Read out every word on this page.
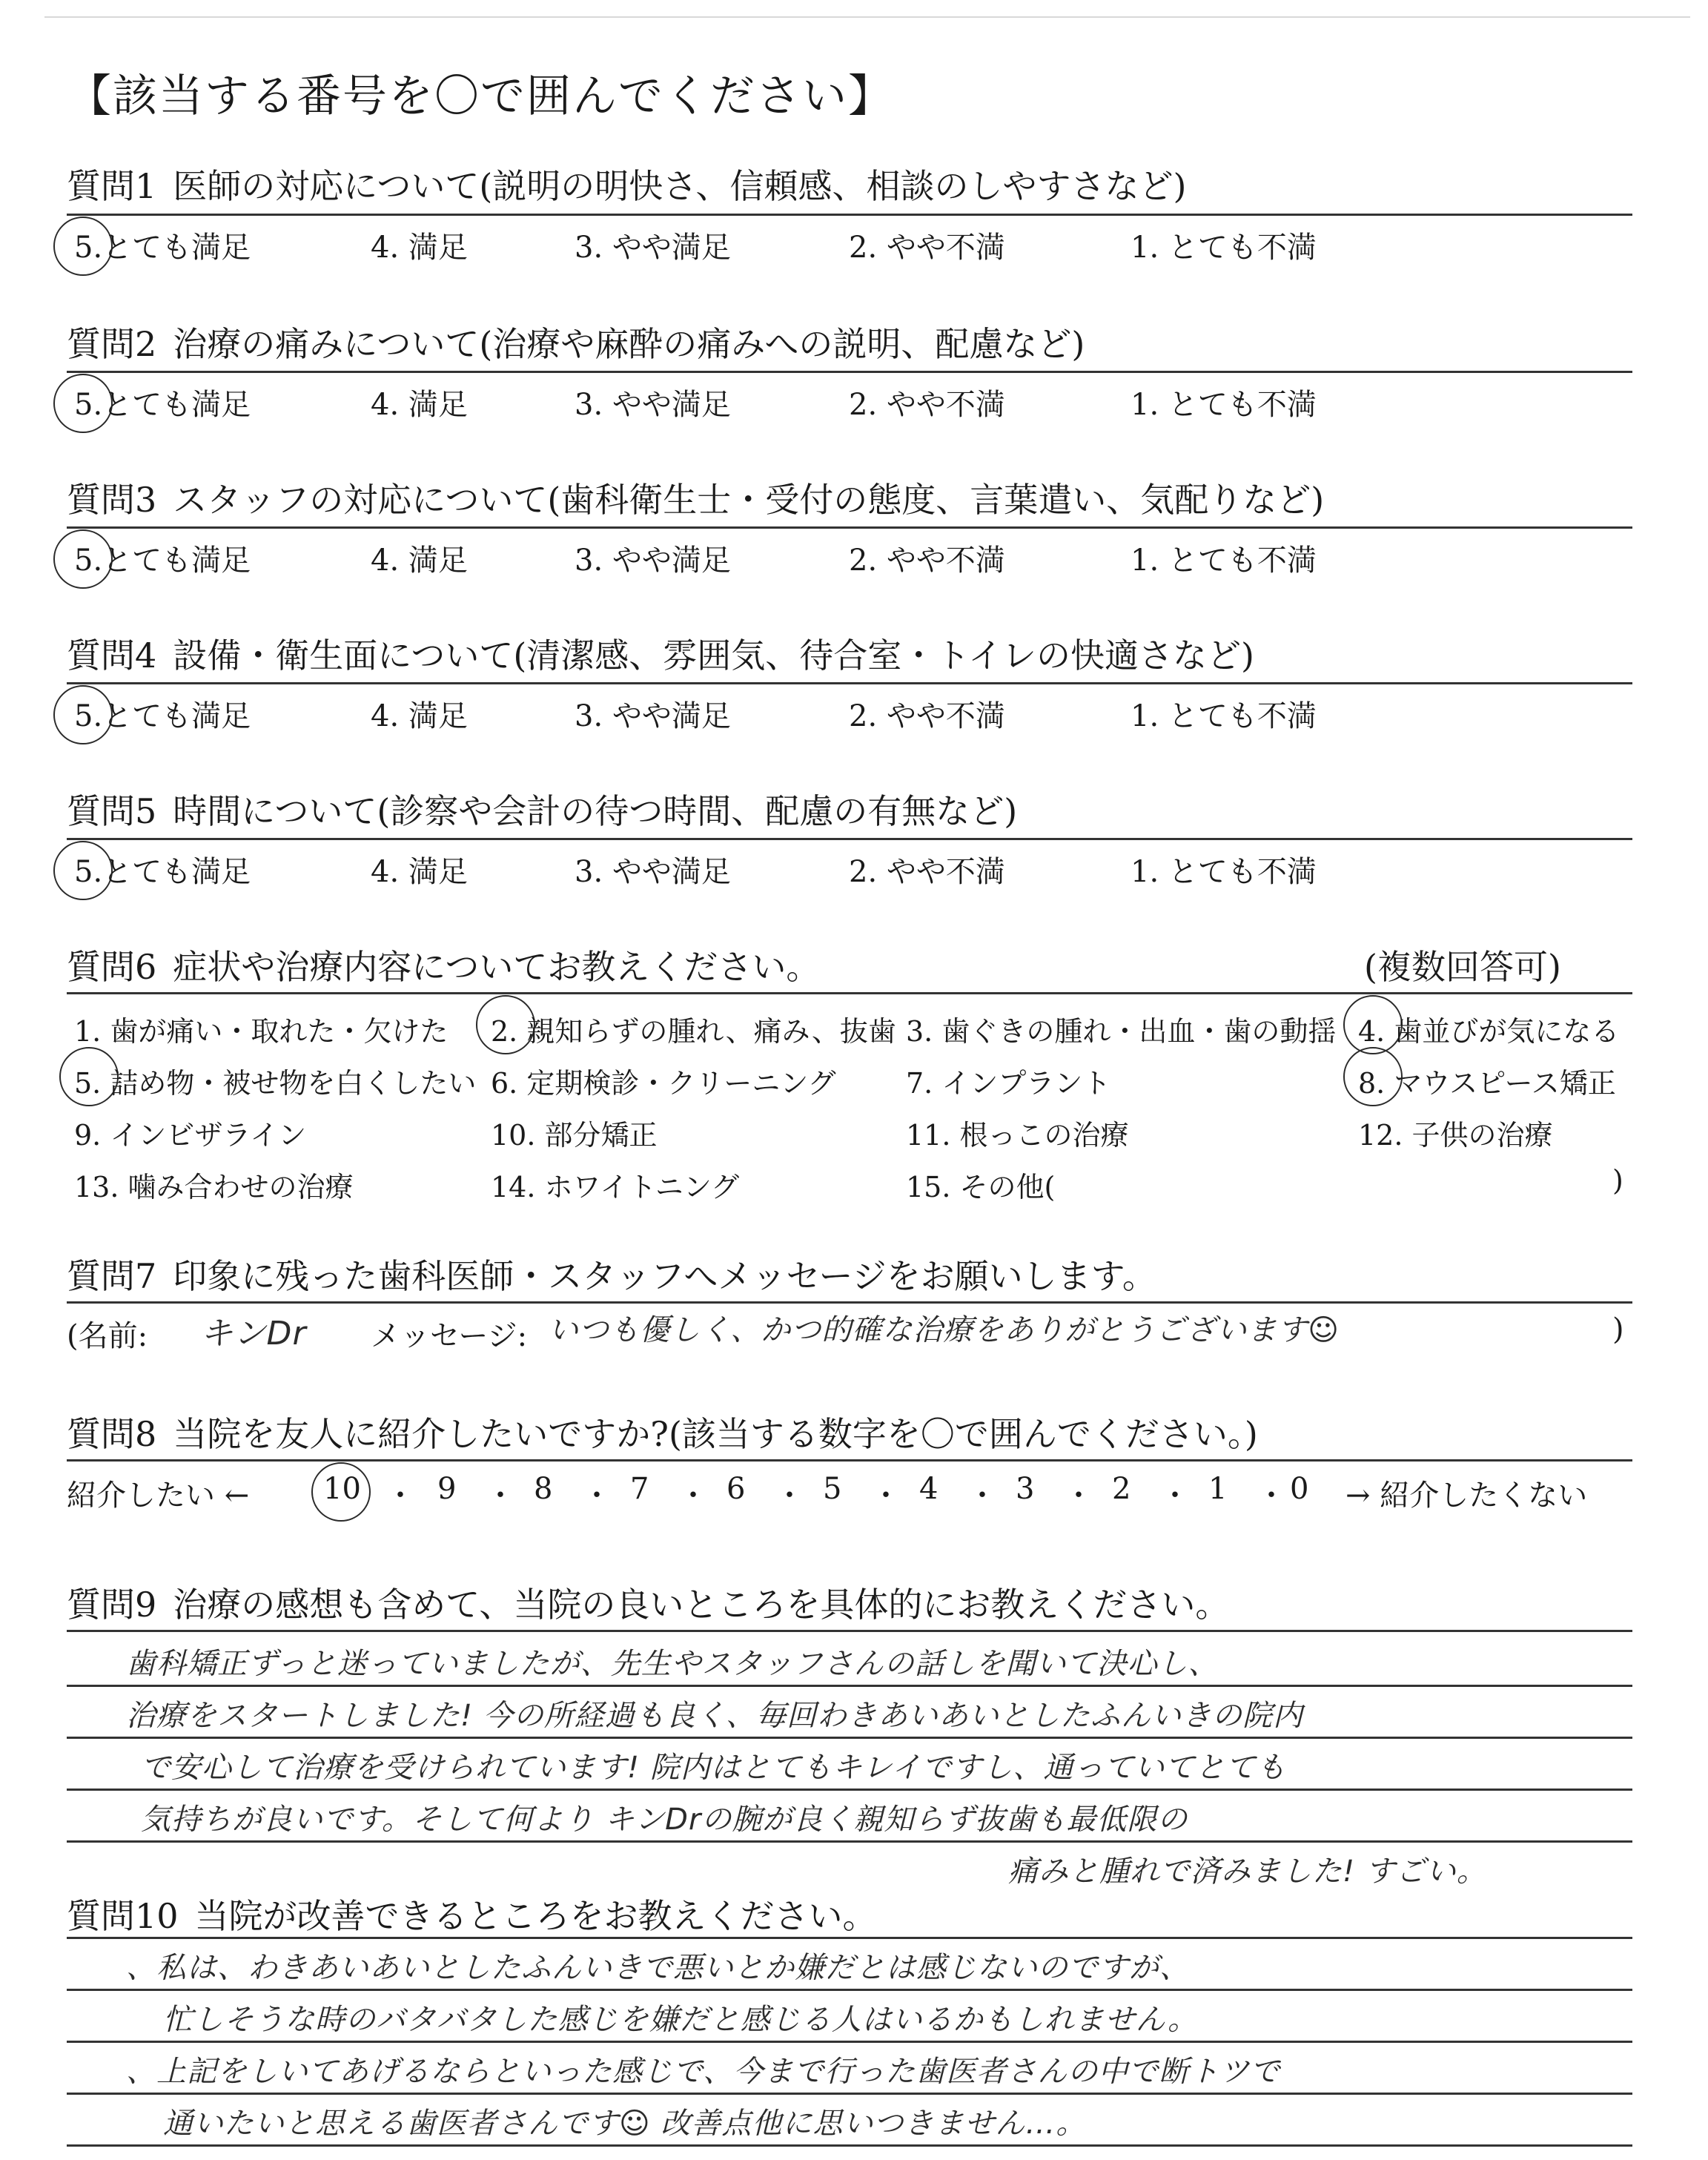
【該当する番号を〇で囲んでください】
質問1 医師の対応について(説明の明快さ、信頼感、相談のしやすさなど)
5.とても満足	4. 満足	3. やや満足	2. やや不満	1. とても不満
質問2 治療の痛みについて(治療や麻酔の痛みへの説明、配慮など)
5.とても満足	4. 満足	3. やや満足	2. やや不満	1. とても不満
質問3 スタッフの対応について(歯科衛生士・受付の態度、言葉遣い、気配りなど)
5.とても満足	4. 満足	3. やや満足	2. やや不満	1. とても不満
質問4 設備・衛生面について(清潔感、雰囲気、待合室・トイレの快適さなど)
5.とても満足	4. 満足	3. やや満足	2. やや不満	1. とても不満
質問5 時間について(診察や会計の待つ時間、配慮の有無など)
5.とても満足	4. 満足	3. やや満足	2. やや不満	1. とても不満
質問6 症状や治療内容についてお教えください。	(複数回答可)
1. 歯が痛い・取れた・欠けた 2. 親知らずの腫れ、痛み、抜歯 3. 歯ぐきの腫れ・出血・歯の動揺 4. 歯並びが気になる
5. 詰め物・被せ物を白くしたい 6. 定期検診・クリーニング 7. インプラント	8. マウスピース矯正
9. インビザライン	10. 部分矯正	11. 根っこの治療	12. 子供の治療
13. 噛み合わせの治療	14. ホワイトニング	15. その他(	)
質問7 印象に残った歯科医師・スタッフへメッセージをお願いします。
(名前: キンDr メッセージ: いつも優しく、かつ的確な治療をありがとうございます☺	)
質問8 当院を友人に紹介したいですか?(該当する数字を〇で囲んでください。)
紹介したい ← 10 ・ 9 ・ 8 ・ 7 ・ 6 ・ 5 ・ 4 ・ 3 ・ 2 ・ 1 ・ 0 → 紹介したくない
質問9 治療の感想も含めて、当院の良いところを具体的にお教えください。
歯科矯正ずっと迷っていましたが、先生やスタッフさんの話しを聞いて決心し、
治療をスタートしました! 今の所経過も良く、毎回わきあいあいとしたふんいきの院内
で安心して治療を受けられています! 院内はとてもキレイですし、通っていてとても
気持ちが良いです。そして何より キンDrの腕が良く親知らず抜歯も最低限の
痛みと腫れで済みました! すごい。
質問10 当院が改善できるところをお教えください。
、私は、わきあいあいとしたふんいきで悪いとか嫌だとは感じないのですが、
忙しそうな時のバタバタした感じを嫌だと感じる人はいるかもしれません。
、上記をしいてあげるならといった感じで、今まで行った歯医者さんの中で断トツで
通いたいと思える歯医者さんです☺ 改善点他に思いつきません…。
